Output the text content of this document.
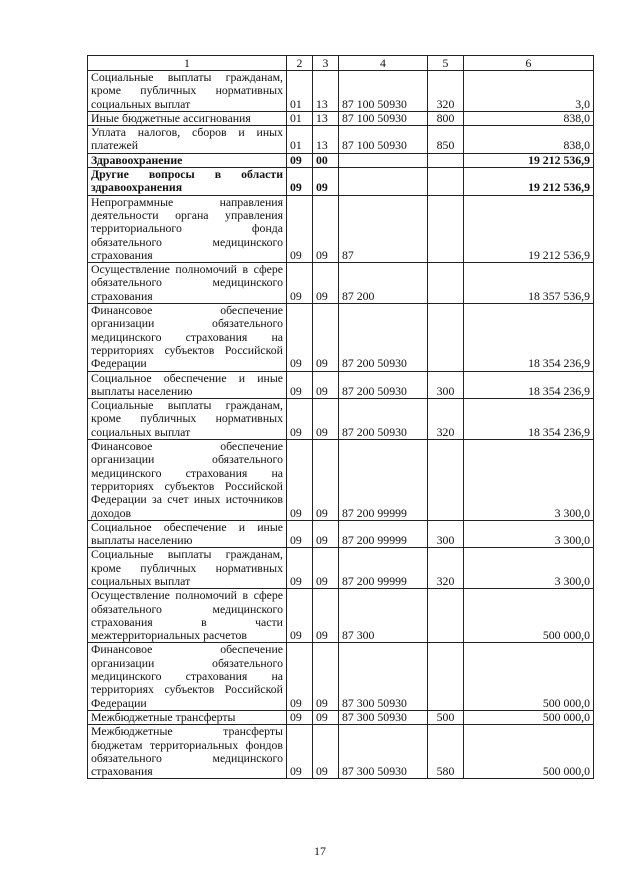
1	2	3	4	5	6
Социальные выплаты гражданам, кроме публичных нормативных социальных выплат	01	13	87 100 50930	320	3,0
Иные бюджетные ассигнования	01	13	87 100 50930	800	838,0
Уплата налогов, сборов и иных платежей	01	13	87 100 50930	850	838,0
Здравоохранение	09	00			19 212 536,9
Другие вопросы в области здравоохранения	09	09			19 212 536,9
Непрограммные направления деятельности органа управления территориального фонда обязательного медицинского страхования	09	09	87		19 212 536,9
Осуществление полномочий в сфере обязательного медицинского страхования	09	09	87 200		18 357 536,9
Финансовое обеспечение организации обязательного медицинского страхования на территориях субъектов Российской Федерации	09	09	87 200 50930		18 354 236,9
Социальное обеспечение и иные выплаты населению	09	09	87 200 50930	300	18 354 236,9
Социальные выплаты гражданам, кроме публичных нормативных социальных выплат	09	09	87 200 50930	320	18 354 236,9
Финансовое обеспечение организации обязательного медицинского страхования на территориях субъектов Российской Федерации за счет иных источников доходов	09	09	87 200 99999		3 300,0
Социальное обеспечение и иные выплаты населению	09	09	87 200 99999	300	3 300,0
Социальные выплаты гражданам, кроме публичных нормативных социальных выплат	09	09	87 200 99999	320	3 300,0
Осуществление полномочий в сфере обязательного медицинского страхования в части межтерриториальных расчетов	09	09	87 300		500 000,0
Финансовое обеспечение организации обязательного медицинского страхования на территориях субъектов Российской Федерации	09	09	87 300 50930		500 000,0
Межбюджетные трансферты	09	09	87 300 50930	500	500 000,0
Межбюджетные трансферты бюджетам территориальных фондов обязательного медицинского страхования	09	09	87 300 50930	580	500 000,0
17
